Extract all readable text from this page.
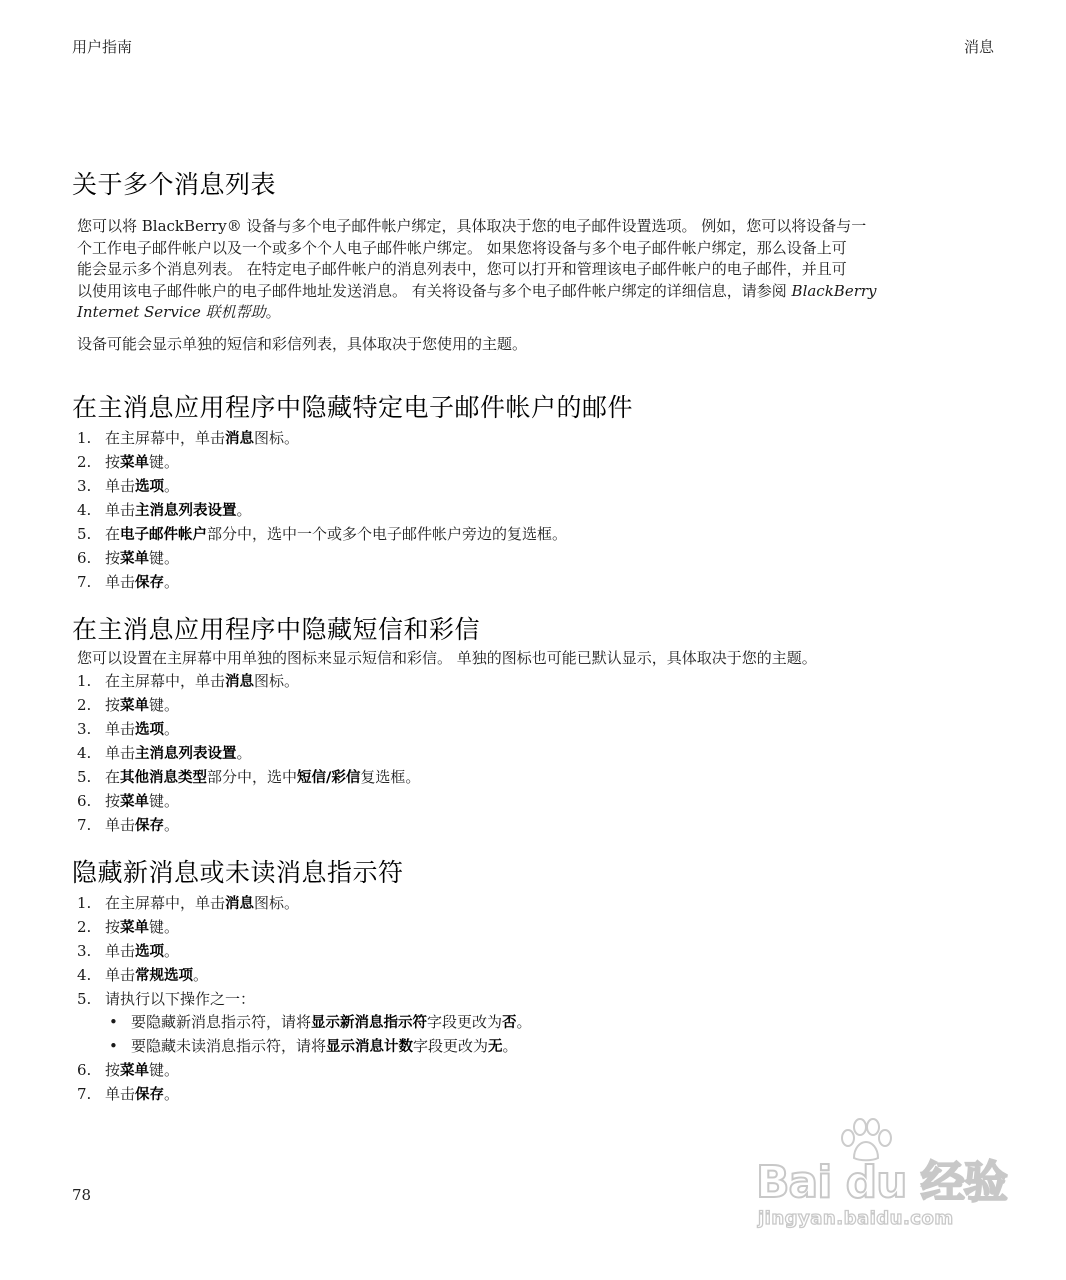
用户指南	消息
关于多个消息列表

您可以将 BlackBerry® 设备与多个电子邮件帐户绑定，具体取决于您的电子邮件设置选项。 例如，您可以将设备与一
个工作电子邮件帐户以及一个或多个个人电子邮件帐户绑定。 如果您将设备与多个电子邮件帐户绑定，那么设备上可
能会显示多个消息列表。 在特定电子邮件帐户的消息列表中，您可以打开和管理该电子邮件帐户的电子邮件，并且可
以使用该电子邮件帐户的电子邮件地址发送消息。 有关将设备与多个电子邮件帐户绑定的详细信息，请参阅 BlackBerry
Internet Service 联机帮助。

设备可能会显示单独的短信和彩信列表，具体取决于您使用的主题。

在主消息应用程序中隐藏特定电子邮件帐户的邮件
1. 在主屏幕中，单击消息图标。
2. 按菜单键。
3. 单击选项。
4. 单击主消息列表设置。
5. 在电子邮件帐户部分中，选中一个或多个电子邮件帐户旁边的复选框。
6. 按菜单键。
7. 单击保存。
在主消息应用程序中隐藏短信和彩信

您可以设置在主屏幕中用单独的图标来显示短信和彩信。 单独的图标也可能已默认显示，具体取决于您的主题。

1. 在主屏幕中，单击消息图标。
2. 按菜单键。
3. 单击选项。
4. 单击主消息列表设置。
5. 在其他消息类型部分中，选中短信/彩信复选框。
6. 按菜单键。
7. 单击保存。
隐藏新消息或未读消息指示符
1. 在主屏幕中，单击消息图标。
2. 按菜单键。
3. 单击选项。
4. 单击常规选项。
5. 请执行以下操作之一：
• 要隐藏新消息指示符，请将显示新消息指示符字段更改为否。
• 要隐藏未读消息指示符，请将显示消息计数字段更改为无。
6. 按菜单键。
7. 单击保存。
78	Bai du 经验
jingyan.baidu.com
